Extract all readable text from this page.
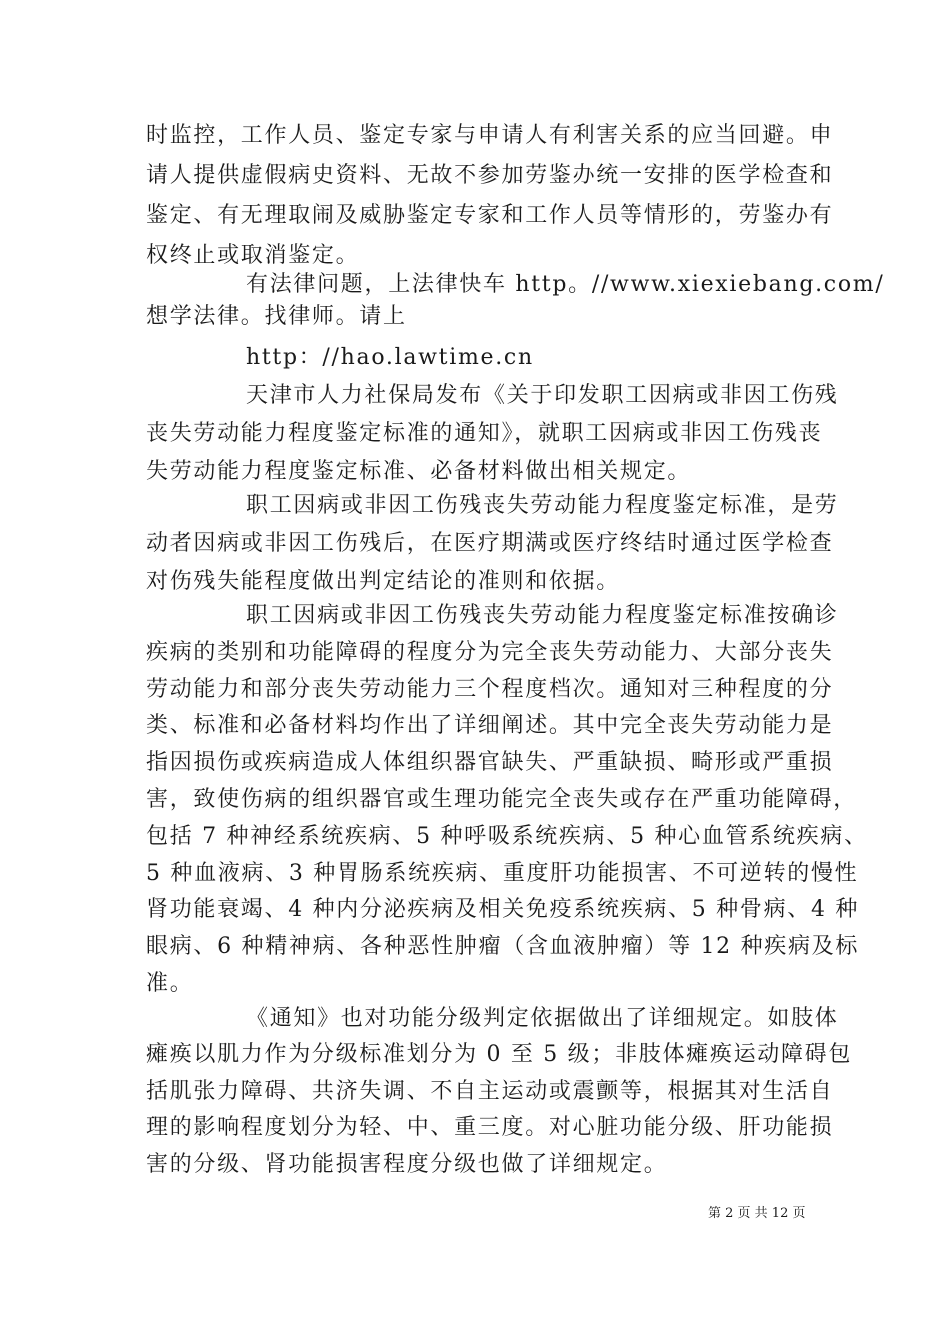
时监控，工作人员、鉴定专家与申请人有利害关系的应当回避。申
请人提供虚假病史资料、无故不参加劳鉴办统一安排的医学检查和
鉴定、有无理取闹及威胁鉴定专家和工作人员等情形的，劳鉴办有
权终止或取消鉴定。
有法律问题，上法律快车 http。//www.xiexiebang.com/
想学法律。找律师。请上
http：//hao.lawtime.cn
天津市人力社保局发布《关于印发职工因病或非因工伤残
丧失劳动能力程度鉴定标准的通知》，就职工因病或非因工伤残丧
失劳动能力程度鉴定标准、必备材料做出相关规定。
职工因病或非因工伤残丧失劳动能力程度鉴定标准，是劳
动者因病或非因工伤残后，在医疗期满或医疗终结时通过医学检查
对伤残失能程度做出判定结论的准则和依据。
职工因病或非因工伤残丧失劳动能力程度鉴定标准按确诊
疾病的类别和功能障碍的程度分为完全丧失劳动能力、大部分丧失
劳动能力和部分丧失劳动能力三个程度档次。通知对三种程度的分
类、标准和必备材料均作出了详细阐述。其中完全丧失劳动能力是
指因损伤或疾病造成人体组织器官缺失、严重缺损、畸形或严重损
害，致使伤病的组织器官或生理功能完全丧失或存在严重功能障碍，
包括 7 种神经系统疾病、5 种呼吸系统疾病、5 种心血管系统疾病、
5 种血液病、3 种胃肠系统疾病、重度肝功能损害、不可逆转的慢性
肾功能衰竭、4 种内分泌疾病及相关免疫系统疾病、5 种骨病、4 种
眼病、6 种精神病、各种恶性肿瘤（含血液肿瘤）等 12 种疾病及标
准。
《通知》也对功能分级判定依据做出了详细规定。如肢体
瘫痪以肌力作为分级标准划分为 0 至 5 级；非肢体瘫痪运动障碍包
括肌张力障碍、共济失调、不自主运动或震颤等，根据其对生活自
理的影响程度划分为轻、中、重三度。对心脏功能分级、肝功能损
害的分级、肾功能损害程度分级也做了详细规定。
第 2 页 共 12 页
